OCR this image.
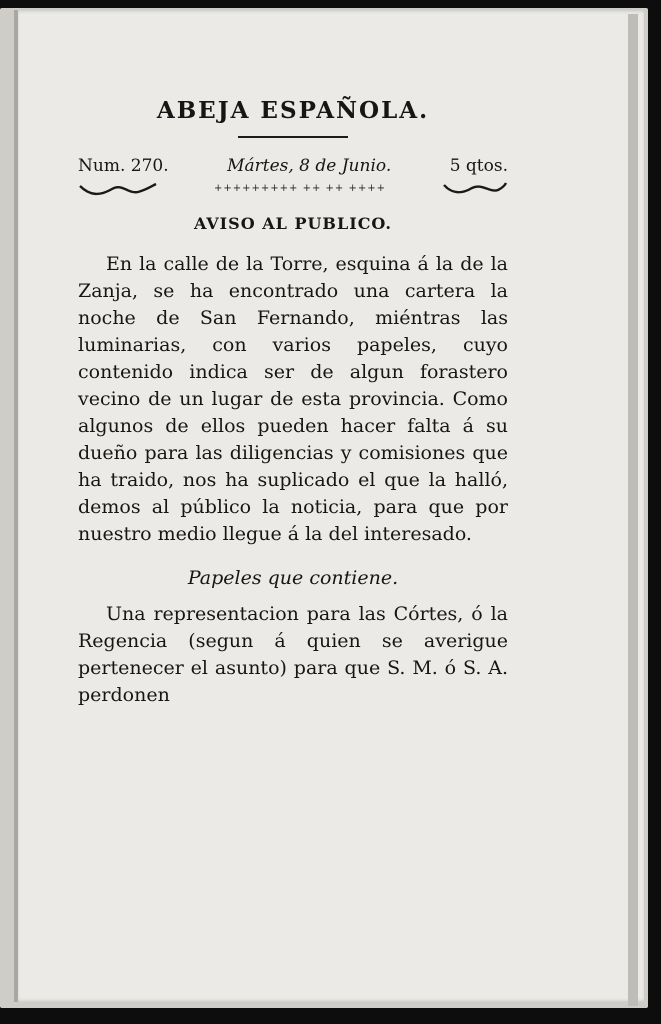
ABEJA ESPAÑOLA.
Num. 270.	Mártes, 8 de Junio.	5 qtos.
+++++++++ ++ ++ ++++
AVISO AL PUBLICO.

En la calle de la Torre, esquina á la de la Zanja, se ha encontrado una cartera la noche de San Fernando, miéntras las luminarias, con varios papeles, cuyo contenido indica ser de algun forastero vecino de un lugar de esta provincia. Como algunos de ellos pueden hacer falta á su dueño para las diligencias y comisiones que ha traido, nos ha suplicado el que la halló, demos al público la noticia, para que por nuestro medio llegue á la del interesado.

Papeles que contiene.

Una representacion para las Córtes, ó la Regencia (segun á quien se averigue pertenecer el asunto) para que S. M. ó S. A. perdonen
